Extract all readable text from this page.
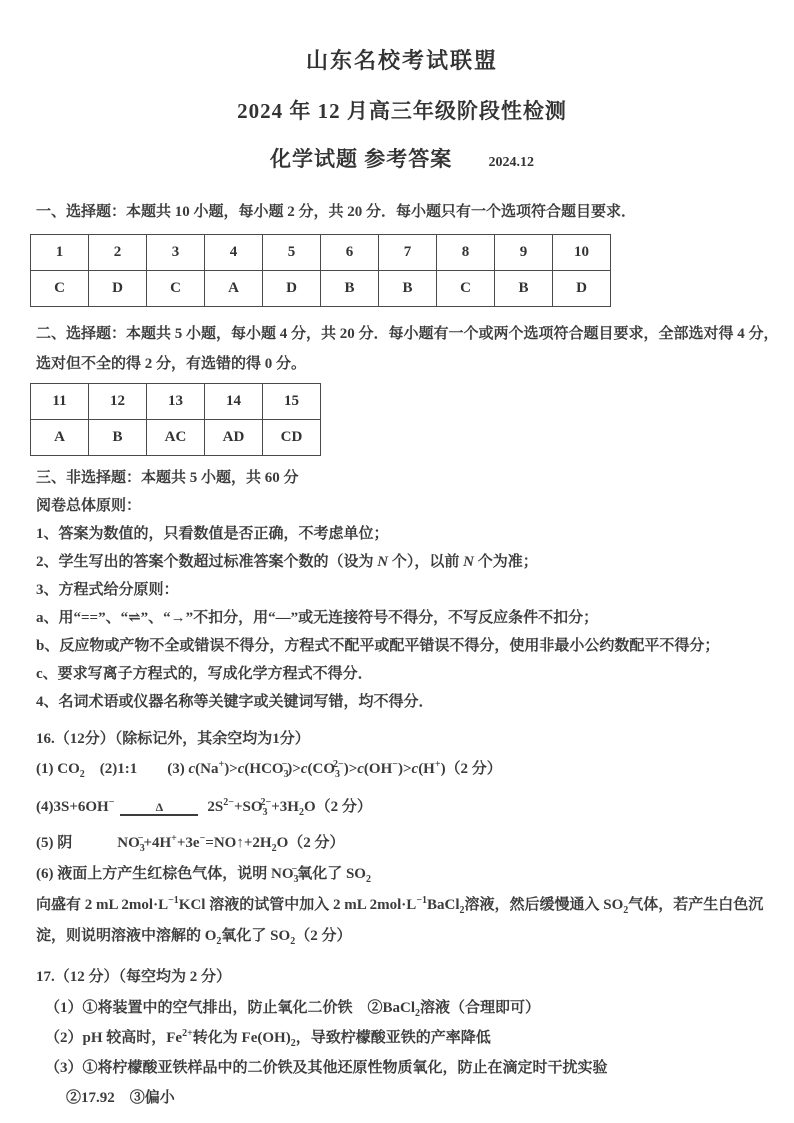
山东名校考试联盟
2024 年 12 月高三年级阶段性检测
化学试题 参考答案	2024.12
一、选择题：本题共 10 小题，每小题 2 分，共 20 分．每小题只有一个选项符合题目要求．
1	2	3	4	5	6	7	8	9	10
C	D	C	A	D	B	B	C	B	D
二、选择题：本题共 5 小题，每小题 4 分，共 20 分．每小题有一个或两个选项符合题目要求，全部选对得 4 分，
选对但不全的得 2 分，有选错的得 0 分。
11	12	13	14	15
A	B	AC	AD	CD
三、非选择题：本题共 5 小题，共 60 分
阅卷总体原则：
1、答案为数值的，只看数值是否正确，不考虑单位；
2、学生写出的答案个数超过标准答案个数的（设为 N 个），以前 N 个为准；
3、方程式给分原则：
a、用“==”、“⇌”、“→”不扣分，用“—”或无连接符号不得分，不写反应条件不扣分；
b、反应物或产物不全或错误不得分，方程式不配平或配平错误不得分，使用非最小公约数配平不得分；
c、要求写离子方程式的，写成化学方程式不得分．
4、名词术语或仪器名称等关键字或关键词写错，均不得分．
16.（12分）（除标记外，其余空均为1分）
(1) $CO_2$　(2)1:1　　(3) $c(Na^+)>c(HCO_3^-)>c(CO_3^{2-})>c(OH^-)>c(H^+)(2$ 分）
(4)3S+6OH−	Δ	$2S^{2-}+SO_3^{2-}+3H_2O(2$ 分）
(5) 阴　　　$NO_3^-+4H^++3e^-=NO↑+2H_2O(2$ 分）
(6) 液面上方产生红棕色气体，说明 $NO_3^-$氧化了 $SO_2$
向盛有 2 mL $2mol\cdot L^{-1}KCl$ 溶液的试管中加入 2 mL $2mol\cdot L^{-1}BaCl_2$溶液，然后缓慢通入 $SO_2$气体，若产生白色沉
淀，则说明溶液中溶解的 $O_2$氧化了 $SO_2(2$ 分）
17.（12 分）（每空均为 2 分）
（1）①将装置中的空气排出，防止氧化二价铁　②BaCl$_2$溶液（合理即可）
（2）pH 较高时，$Fe^{2+}$转化为 $Fe(OH)_2$，导致柠檬酸亚铁的产率降低
（3）①将柠檬酸亚铁样品中的二价铁及其他还原性物质氧化，防止在滴定时干扰实验
②17.92　③偏小
